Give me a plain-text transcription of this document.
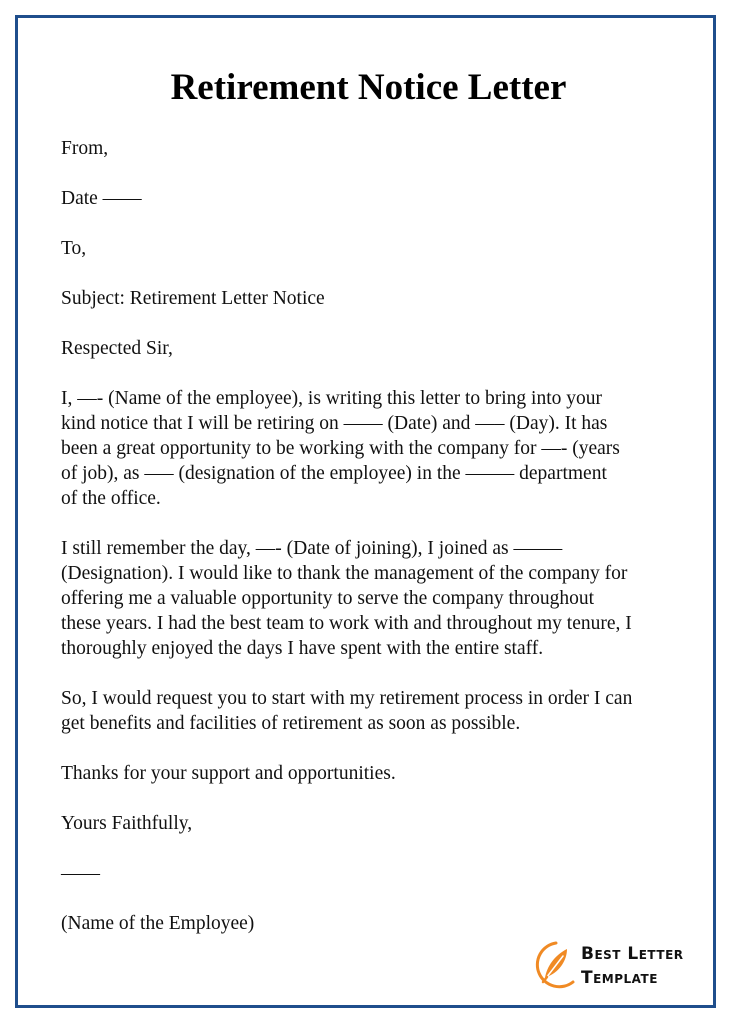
Retirement Notice Letter

From,

Date ——

To,

Subject: Retirement Letter Notice

Respected Sir,

I, —- (Name of the employee), is writing this letter to bring into your
kind notice that I will be retiring on —— (Date) and —– (Day). It has
been a great opportunity to be working with the company for —- (years
of job), as —– (designation of the employee) in the ——– department
of the office.
I still remember the day, —- (Date of joining), I joined as ——–
(Designation). I would like to thank the management of the company for
offering me a valuable opportunity to serve the company throughout
these years. I had the best team to work with and throughout my tenure, I
thoroughly enjoyed the days I have spent with the entire staff.
So, I would request you to start with my retirement process in order I can
get benefits and facilities of retirement as soon as possible.

Thanks for your support and opportunities.

Yours Faithfully,

——

(Name of the Employee)

Best Letter
Template
